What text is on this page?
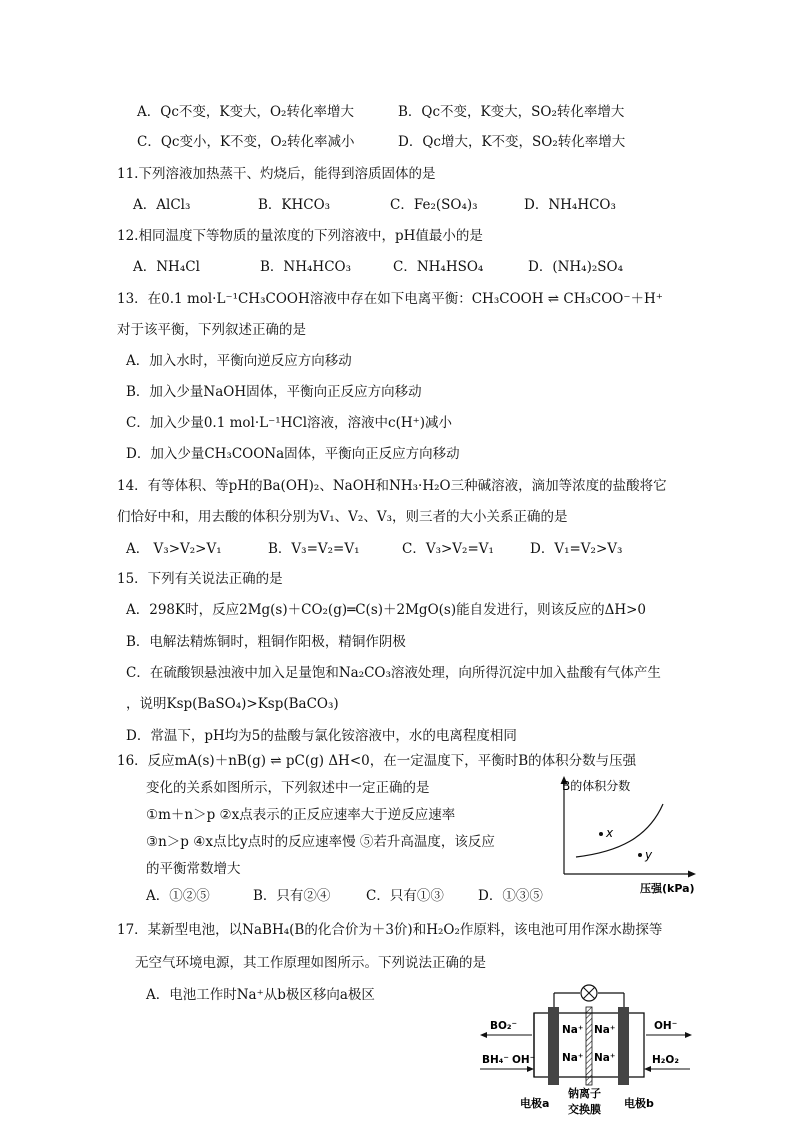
A．Qc不变，K变大，O₂转化率增大	B．Qc不变，K变大，SO₂转化率增大
C．Qc变小，K不变，O₂转化率减小	D．Qc增大，K不变，SO₂转化率增大
11.下列溶液加热蒸干、灼烧后，能得到溶质固体的是
A．AlCl₃	B．KHCO₃	C．Fe₂(SO₄)₃	D．NH₄HCO₃
12.相同温度下等物质的量浓度的下列溶液中，pH值最小的是
A．NH₄Cl	B．NH₄HCO₃	C．NH₄HSO₄	D．(NH₄)₂SO₄
13．在0.1 mol·L⁻¹CH₃COOH溶液中存在如下电离平衡：CH₃COOH ⇌ CH₃COO⁻＋H⁺
对于该平衡，下列叙述正确的是
A．加入水时，平衡向逆反应方向移动
B．加入少量NaOH固体，平衡向正反应方向移动
C．加入少量0.1 mol·L⁻¹HCl溶液，溶液中c(H⁺)减小
D．加入少量CH₃COONa固体，平衡向正反应方向移动
14．有等体积、等pH的Ba(OH)₂、NaOH和NH₃·H₂O三种碱溶液，滴加等浓度的盐酸将它
们恰好中和，用去酸的体积分别为V₁、V₂、V₃，则三者的大小关系正确的是
A． V₃>V₂>V₁	B．V₃=V₂=V₁	C．V₃>V₂=V₁	D．V₁=V₂>V₃
15．下列有关说法正确的是
A．298K时，反应2Mg(s)＋CO₂(g)═C(s)＋2MgO(s)能自发进行，则该反应的ΔH>0
B．电解法精炼铜时，粗铜作阳极，精铜作阴极
C．在硫酸钡悬浊液中加入足量饱和Na₂CO₃溶液处理，向所得沉淀中加入盐酸有气体产生
，说明Ksp(BaSO₄)>Ksp(BaCO₃)
D．常温下，pH均为5的盐酸与氯化铵溶液中，水的电离程度相同
16．反应mA(s)＋nB(g) ⇌ pC(g) ΔH<0，在一定温度下，平衡时B的体积分数与压强
变化的关系如图所示，下列叙述中一定正确的是
①m＋n＞p ②x点表示的正反应速率大于逆反应速率
③n＞p ④x点比y点时的反应速率慢 ⑤若升高温度，该反应
的平衡常数增大
A．①②⑤	B．只有②④	C．只有①③	D．①③⑤
x
y
B的体积分数
压强(kPa)
17．某新型电池，以NaBH₄(B的化合价为＋3价)和H₂O₂作原料，该电池可用作深水勘探等
无空气环境电源，其工作原理如图所示。下列说法正确的是
A．电池工作时Na⁺从b极区移向a极区
Na⁺ Na⁺
Na⁺ Na⁺
BO₂⁻
BH₄⁻ OH⁻
OH⁻
H₂O₂
钠离子
交换膜
电极a	电极b
